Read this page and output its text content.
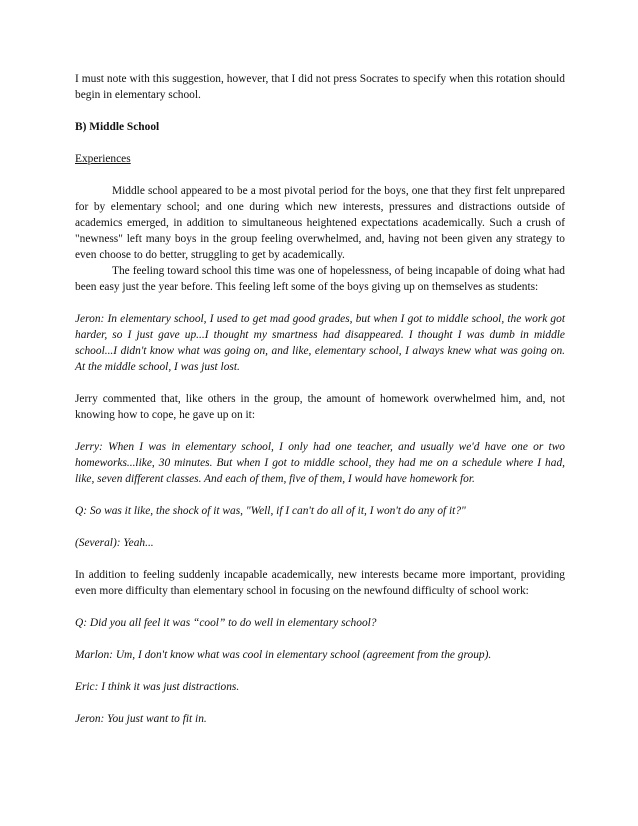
I must note with this suggestion, however, that I did not press Socrates to specify when this rotation should begin in elementary school.

B) Middle School

Experiences

Middle school appeared to be a most pivotal period for the boys, one that they first felt unprepared for by elementary school; and one during which new interests, pressures and distractions outside of academics emerged, in addition to simultaneous heightened expectations academically. Such a crush of "newness" left many boys in the group feeling overwhelmed, and, having not been given any strategy to even choose to do better, struggling to get by academically.

The feeling toward school this time was one of hopelessness, of being incapable of doing what had been easy just the year before. This feeling left some of the boys giving up on themselves as students:

Jeron: In elementary school, I used to get mad good grades, but when I got to middle school, the work got harder, so I just gave up...I thought my smartness had disappeared. I thought I was dumb in middle school...I didn't know what was going on, and like, elementary school, I always knew what was going on. At the middle school, I was just lost.

Jerry commented that, like others in the group, the amount of homework overwhelmed him, and, not knowing how to cope, he gave up on it:

Jerry: When I was in elementary school, I only had one teacher, and usually we'd have one or two homeworks...like, 30 minutes. But when I got to middle school, they had me on a schedule where I had, like, seven different classes. And each of them, five of them, I would have homework for.

Q: So was it like, the shock of it was, "Well, if I can't do all of it, I won't do any of it?"

(Several): Yeah...

In addition to feeling suddenly incapable academically, new interests became more important, providing even more difficulty than elementary school in focusing on the newfound difficulty of school work:

Q: Did you all feel it was “cool” to do well in elementary school?

Marlon: Um, I don't know what was cool in elementary school (agreement from the group).

Eric: I think it was just distractions.

Jeron: You just want to fit in.
